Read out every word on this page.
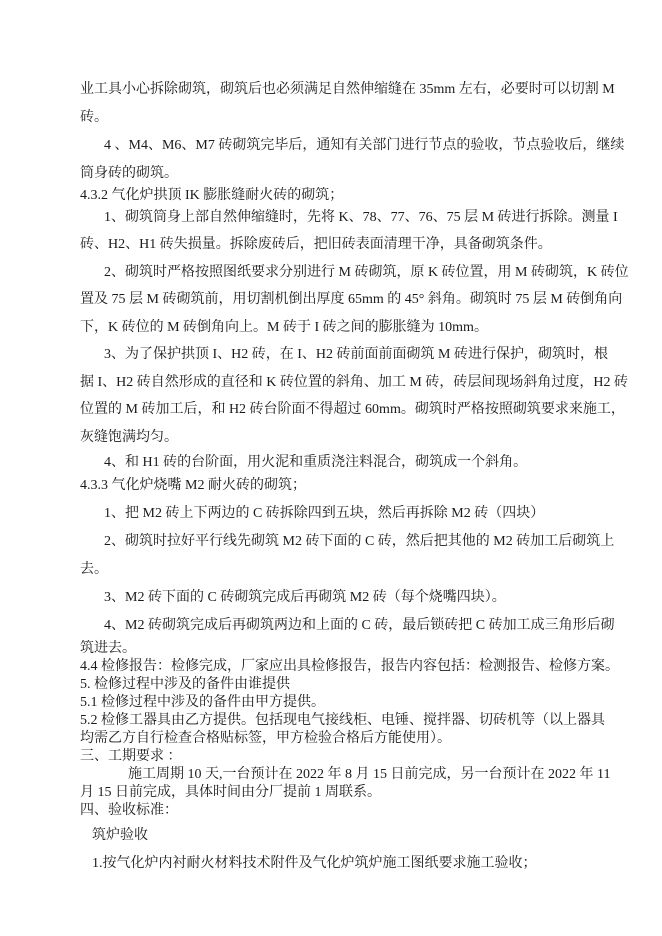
业工具小心拆除砌筑，砌筑后也必须满足自然伸缩缝在 35mm 左右，必要时可以切割 M
砖。
4 、M4、M6、M7 砖砌筑完毕后，通知有关部门进行节点的验收，节点验收后，继续
筒身砖的砌筑。
4.3.2 气化炉拱顶 IK 膨胀缝耐火砖的砌筑；
1、砌筑筒身上部自然伸缩缝时，先将 K、78、77、76、75 层 M 砖进行拆除。测量 I
砖、H2、H1 砖失损量。拆除废砖后，把旧砖表面清理干净，具备砌筑条件。
2、砌筑时严格按照图纸要求分别进行 M 砖砌筑，原 K 砖位置，用 M 砖砌筑，K 砖位
置及 75 层 M 砖砌筑前，用切割机倒出厚度 65mm 的 45° 斜角。砌筑时 75 层 M 砖倒角向
下，K 砖位的 M 砖倒角向上。M 砖于 I 砖之间的膨胀缝为 10mm。
3、为了保护拱顶 I、H2 砖，在 I、H2 砖前面前面砌筑 M 砖进行保护，砌筑时，根
据 I、H2 砖自然形成的直径和 K 砖位置的斜角、加工 M 砖，砖层间现场斜角过度，H2 砖
位置的 M 砖加工后，和 H2 砖台阶面不得超过 60mm。砌筑时严格按照砌筑要求来施工，
灰缝饱满均匀。
4、和 H1 砖的台阶面，用火泥和重质浇注料混合，砌筑成一个斜角。
4.3.3 气化炉烧嘴 M2 耐火砖的砌筑；
1、把 M2 砖上下两边的 C 砖拆除四到五块，然后再拆除 M2 砖（四块）
2、砌筑时拉好平行线先砌筑 M2 砖下面的 C 砖，然后把其他的 M2 砖加工后砌筑上
去。
3、M2 砖下面的 C 砖砌筑完成后再砌筑 M2 砖（每个烧嘴四块）。
4、M2 砖砌筑完成后再砌筑两边和上面的 C 砖，最后锁砖把 C 砖加工成三角形后砌
筑进去。
4.4 检修报告：检修完成，厂家应出具检修报告，报告内容包括：检测报告、检修方案。
5. 检修过程中涉及的备件由谁提供
5.1 检修过程中涉及的备件由甲方提供。
5.2 检修工器具由乙方提供。包括现电气接线柜、电锤、搅拌器、切砖机等（以上器具
均需乙方自行检查合格贴标签，甲方检验合格后方能使用）。
三、工期要求 ：
施工周期 10 天,一台预计在 2022 年 8 月 15 日前完成，另一台预计在 2022 年 11
月 15 日前完成，具体时间由分厂提前 1 周联系。
四、验收标准：
筑炉验收
1.按气化炉内衬耐火材料技术附件及气化炉筑炉施工图纸要求施工验收；
